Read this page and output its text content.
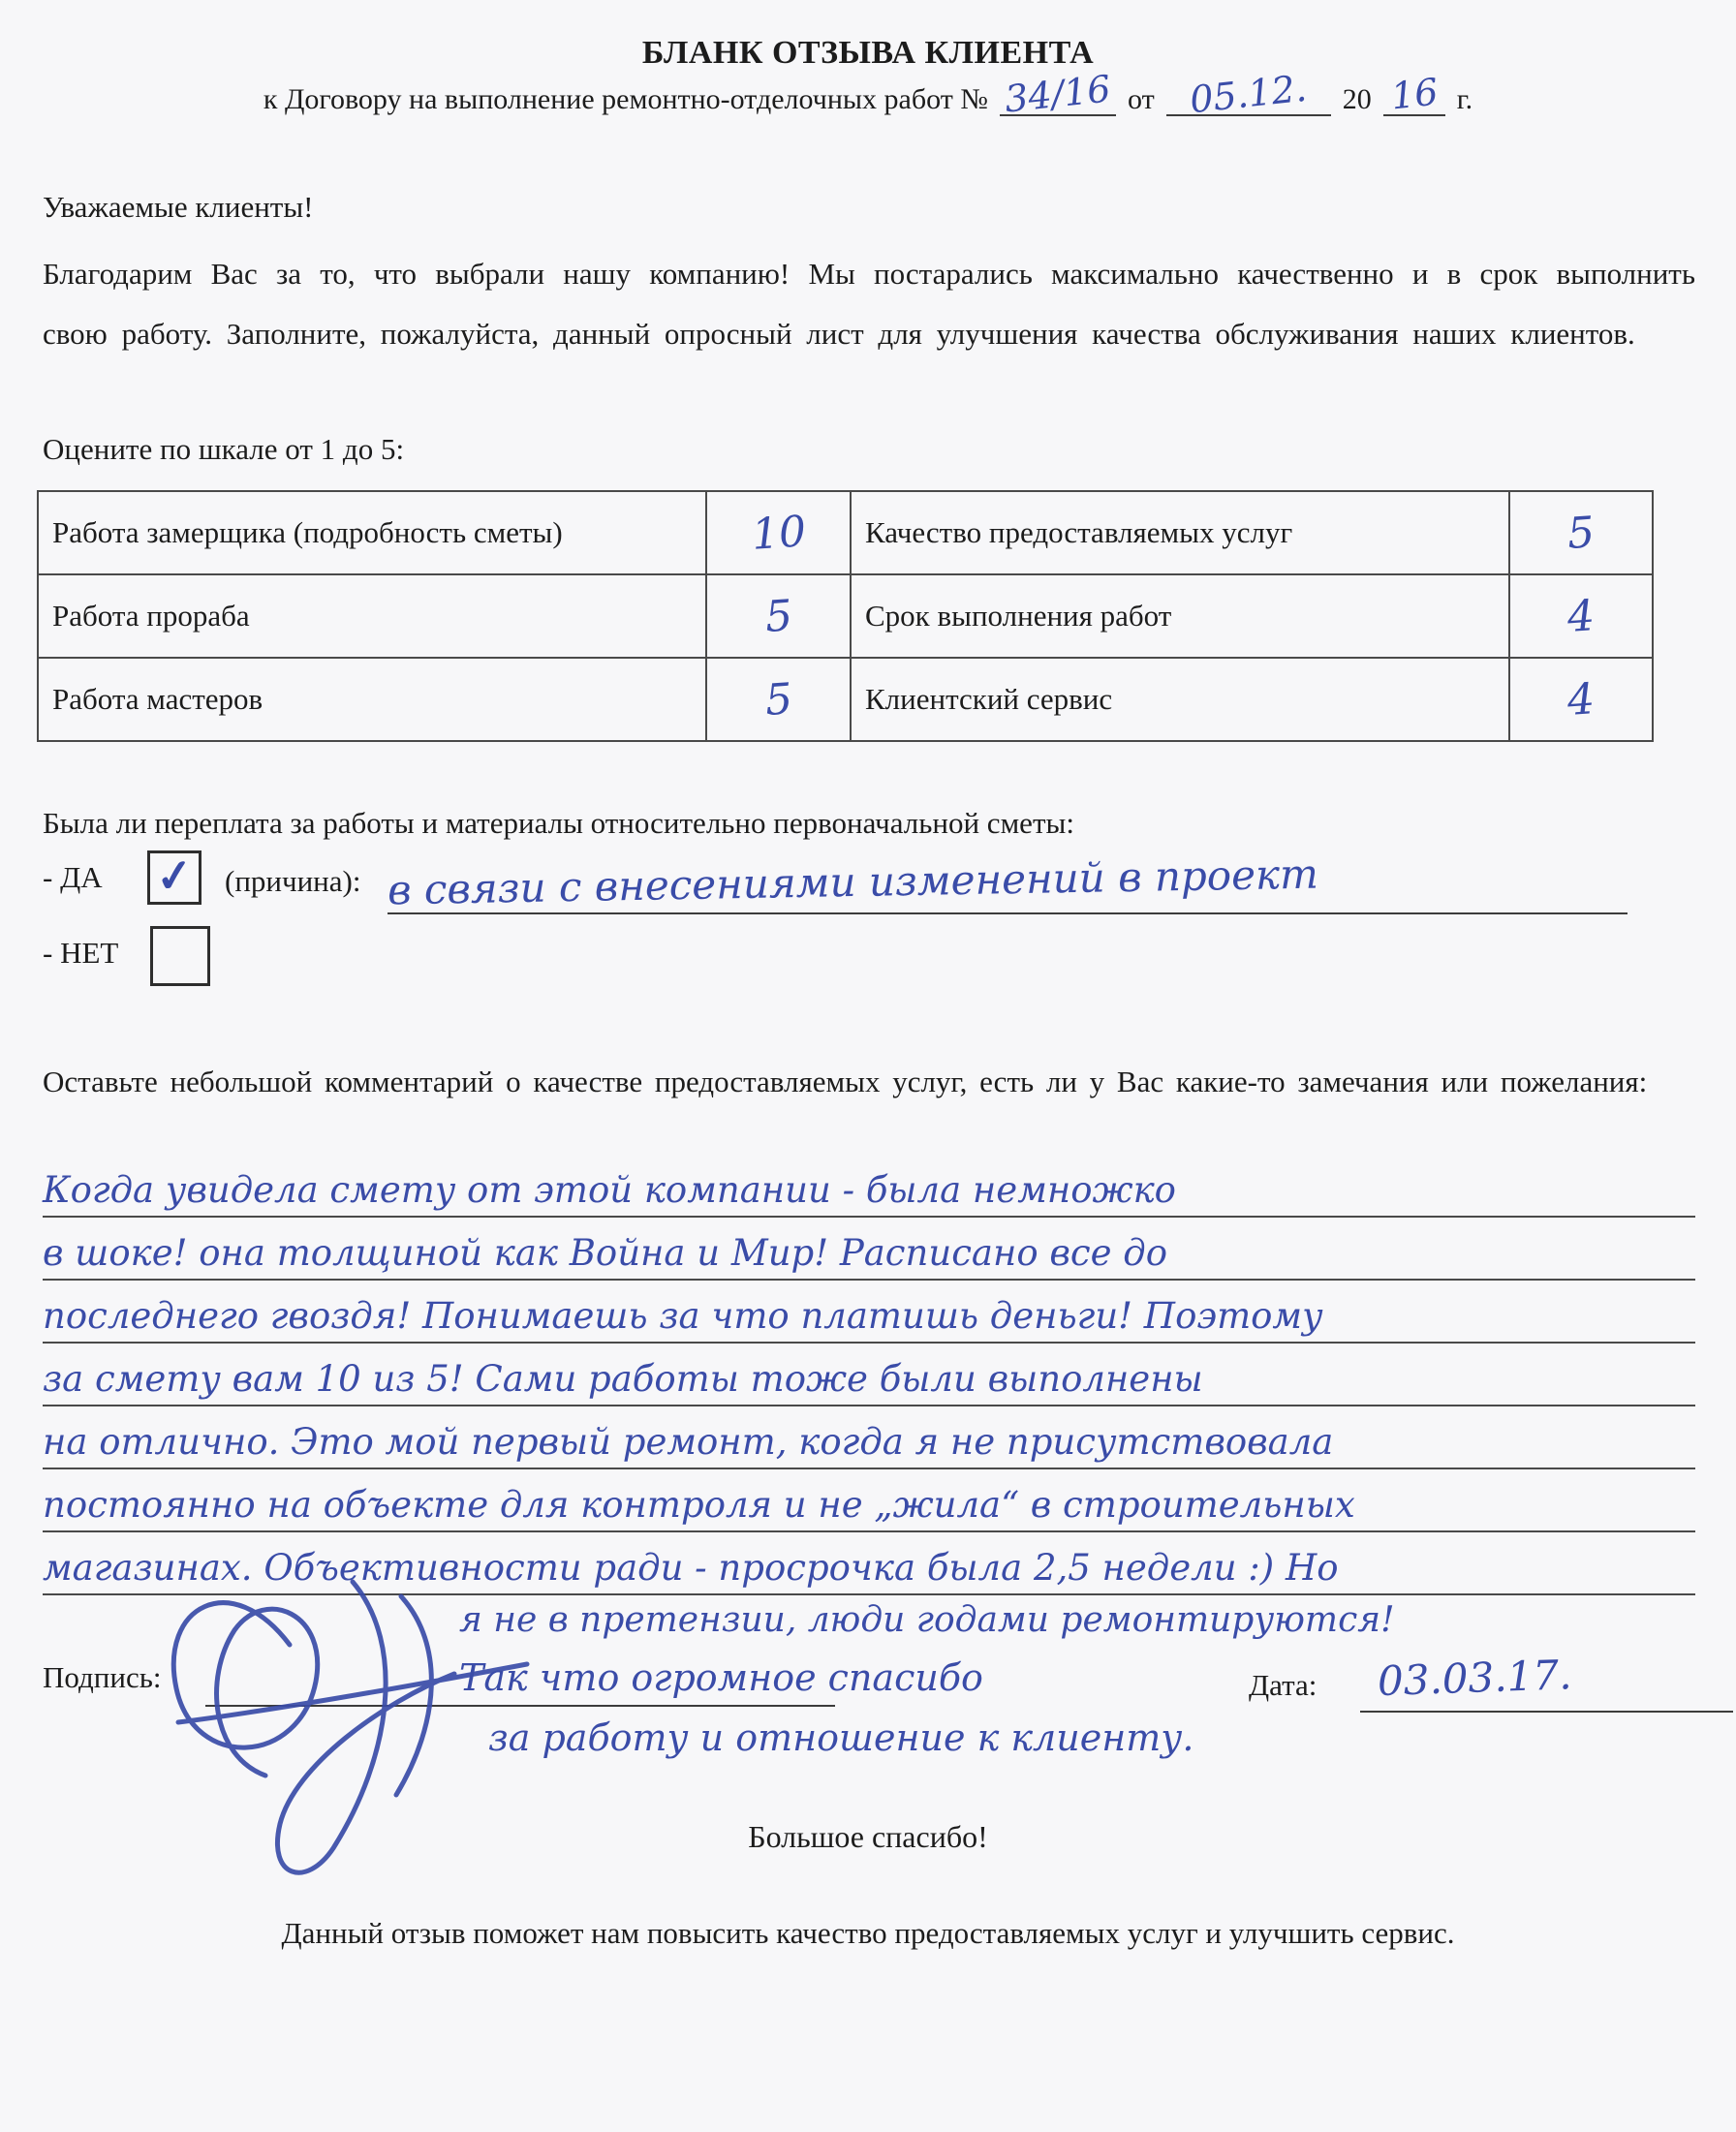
БЛАНК ОТЗЫВА КЛИЕНТА
к Договору на выполнение ремонтно-отделочных работ № 34/16 от 05.12.	20 16 г.
Уважаемые клиенты!
Благодарим Вас за то, что выбрали нашу компанию! Мы постарались максимально качественно и в срок выполнить свою работу. Заполните, пожалуйста, данный опросный лист для улучшения качества обслуживания наших клиентов.
Оцените по шкале от 1 до 5:
Работа замерщика (подробность сметы)	10	Качество предоставляемых услуг	5
Работа прораба	5	Срок выполнения работ	4
Работа мастеров	5	Клиентский сервис	4
Была ли переплата за работы и материалы относительно первоначальной сметы:
- ДА ✓ (причина): в связи с внесениями изменений в проект
- НЕТ
Оставьте небольшой комментарий о качестве предоставляемых услуг, есть ли у Вас какие-то замечания или пожелания:
Когда увидела смету от этой компании - была немножко
в шоке! она толщиной как Война и Мир! Расписано все до
последнего гвоздя! Понимаешь за что платишь деньги! Поэтому
за смету вам 10 из 5! Сами работы тоже были выполнены
на отлично. Это мой первый ремонт, когда я не присутствовала
постоянно на объекте для контроля и не „жила“ в строительных
магазинах. Объективности ради - просрочка была 2,5 недели :) Но
я не в претензии, люди годами ремонтируются!
Так что огромное спасибо
за работу и отношение к клиенту.
Подпись:	Дата:	03.03.17.
Большое спасибо!
Данный отзыв поможет нам повысить качество предоставляемых услуг и улучшить сервис.
